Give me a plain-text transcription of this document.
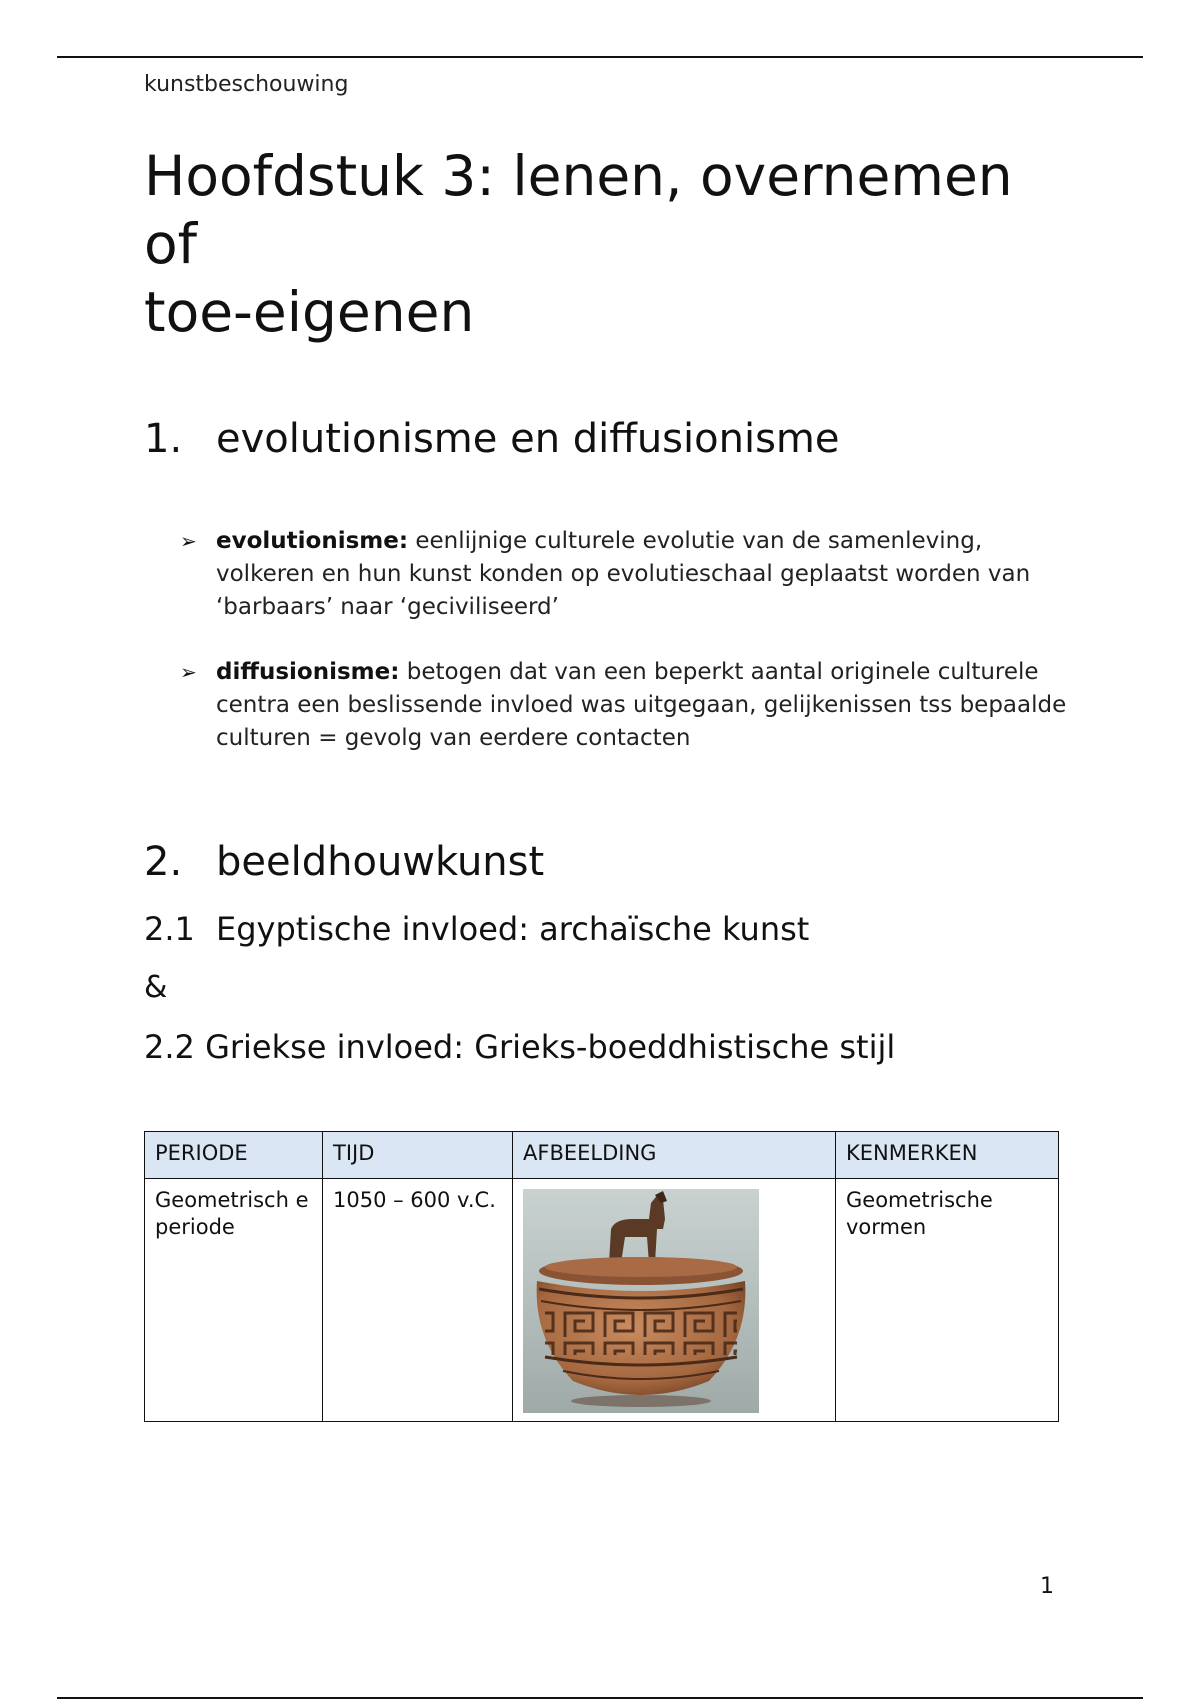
kunstbeschouwing
Hoofdstuk 3: lenen, overnemen
of
toe-eigenen
1. evolutionisme en diffusionisme
➢ evolutionisme: eenlijnige culturele evolutie van de samenleving, volkeren en hun kunst konden op evolutieschaal geplaatst worden van ‘barbaars’ naar ‘geciviliseerd’
➢ diffusionisme: betogen dat van een beperkt aantal originele culturele centra een beslissende invloed was uitgegaan, gelijkenissen tss bepaalde culturen = gevolg van eerdere contacten
2. beeldhouwkunst
2.1 Egyptische invloed: archaïsche kunst
&
2.2 Griekse invloed: Grieks-boeddhistische stijl
PERIODE	TIJD	AFBEELDING	KENMERKEN
Geometrisch e periode	1050 – 600 v.C.		Geometrische vormen
1
